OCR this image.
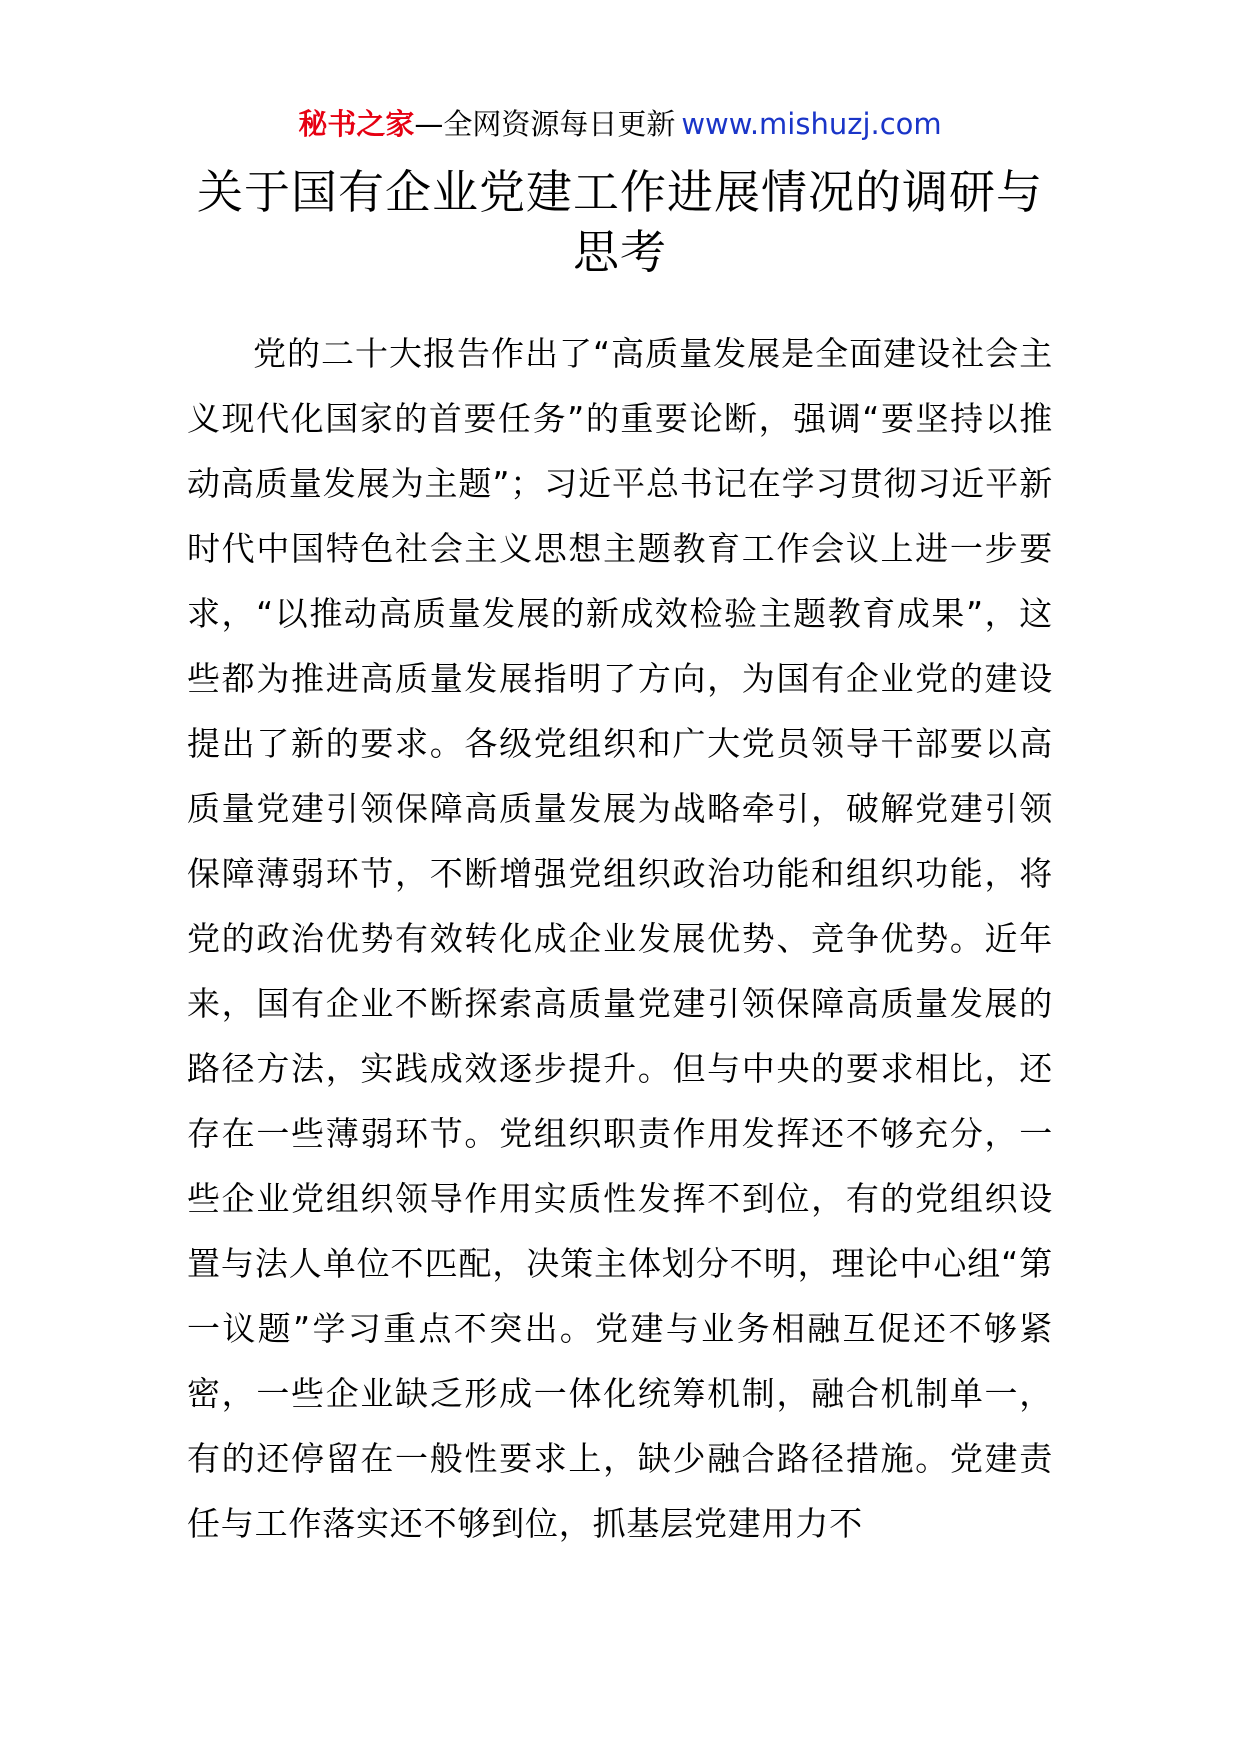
秘书之家—全网资源每日更新 www.mishuzj.com
关于国有企业党建工作进展情况的调研与思考

党的二十大报告作出了“高质量发展是全面建设社会主义现代化国家的首要任务”的重要论断，强调“要坚持以推动高质量发展为主题”；习近平总书记在学习贯彻习近平新时代中国特色社会主义思想主题教育工作会议上进一步要求，“以推动高质量发展的新成效检验主题教育成果”，这些都为推进高质量发展指明了方向，为国有企业党的建设提出了新的要求。各级党组织和广大党员领导干部要以高质量党建引领保障高质量发展为战略牵引，破解党建引领保障薄弱环节，不断增强党组织政治功能和组织功能，将党的政治优势有效转化成企业发展优势、竞争优势。近年来，国有企业不断探索高质量党建引领保障高质量发展的路径方法，实践成效逐步提升。但与中央的要求相比，还存在一些薄弱环节。党组织职责作用发挥还不够充分，一些企业党组织领导作用实质性发挥不到位，有的党组织设置与法人单位不匹配，决策主体划分不明，理论中心组“第一议题”学习重点不突出。党建与业务相融互促还不够紧密，一些企业缺乏形成一体化统筹机制，融合机制单一，有的还停留在一般性要求上，缺少融合路径措施。党建责任与工作落实还不够到位，抓基层党建用力不
